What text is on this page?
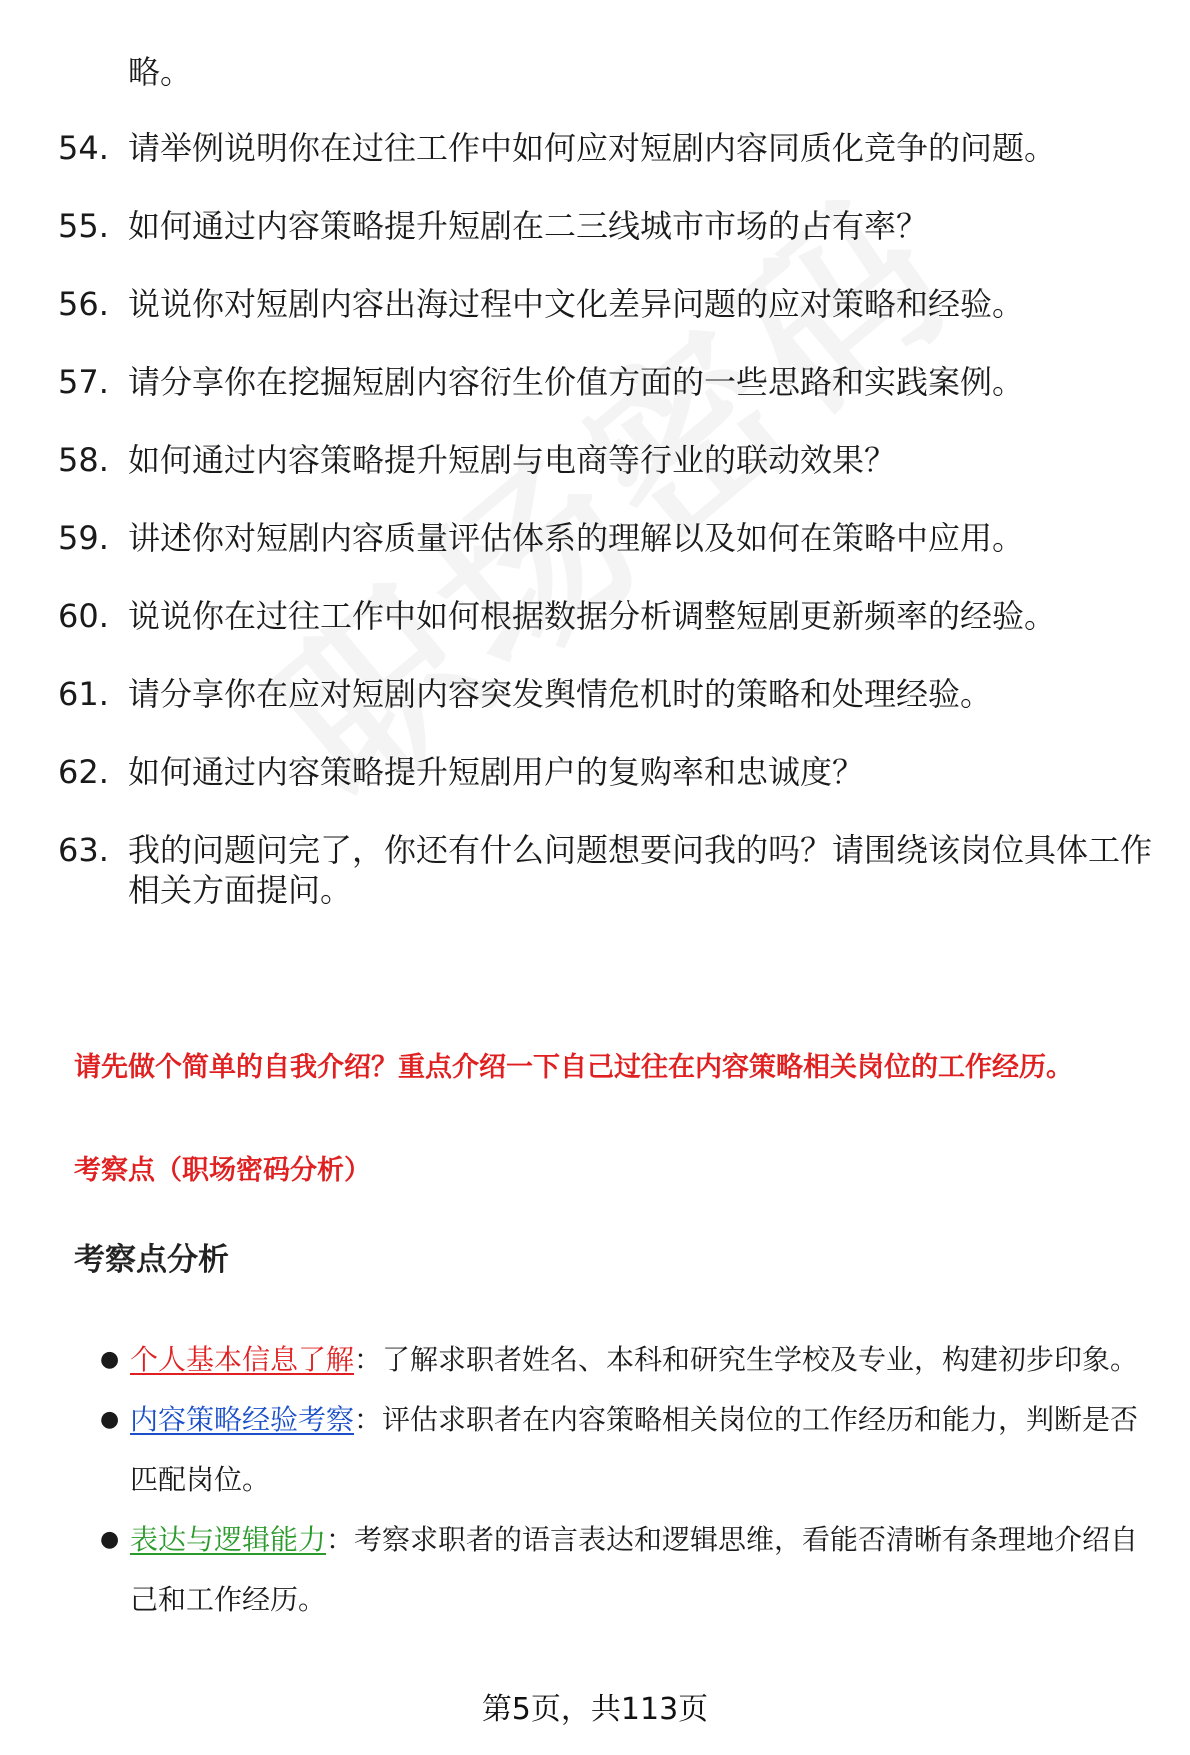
略。
54. 请举例说明你在过往工作中如何应对短剧内容同质化竞争的问题。
55. 如何通过内容策略提升短剧在二三线城市市场的占有率？
56. 说说你对短剧内容出海过程中文化差异问题的应对策略和经验。
57. 请分享你在挖掘短剧内容衍生价值方面的一些思路和实践案例。
58. 如何通过内容策略提升短剧与电商等行业的联动效果？
59. 讲述你对短剧内容质量评估体系的理解以及如何在策略中应用。
60. 说说你在过往工作中如何根据数据分析调整短剧更新频率的经验。
61. 请分享你在应对短剧内容突发舆情危机时的策略和处理经验。
62. 如何通过内容策略提升短剧用户的复购率和忠诚度？
63. 我的问题问完了，你还有什么问题想要问我的吗？请围绕该岗位具体工作相关方面提问。
请先做个简单的自我介绍？重点介绍一下自己过往在内容策略相关岗位的工作经历。
考察点（职场密码分析）
考察点分析
● 个人基本信息了解：了解求职者姓名、本科和研究生学校及专业，构建初步印象。
● 内容策略经验考察：评估求职者在内容策略相关岗位的工作经历和能力，判断是否匹配岗位。
● 表达与逻辑能力：考察求职者的语言表达和逻辑思维，看能否清晰有条理地介绍自己和工作经历。
第5页，共113页
